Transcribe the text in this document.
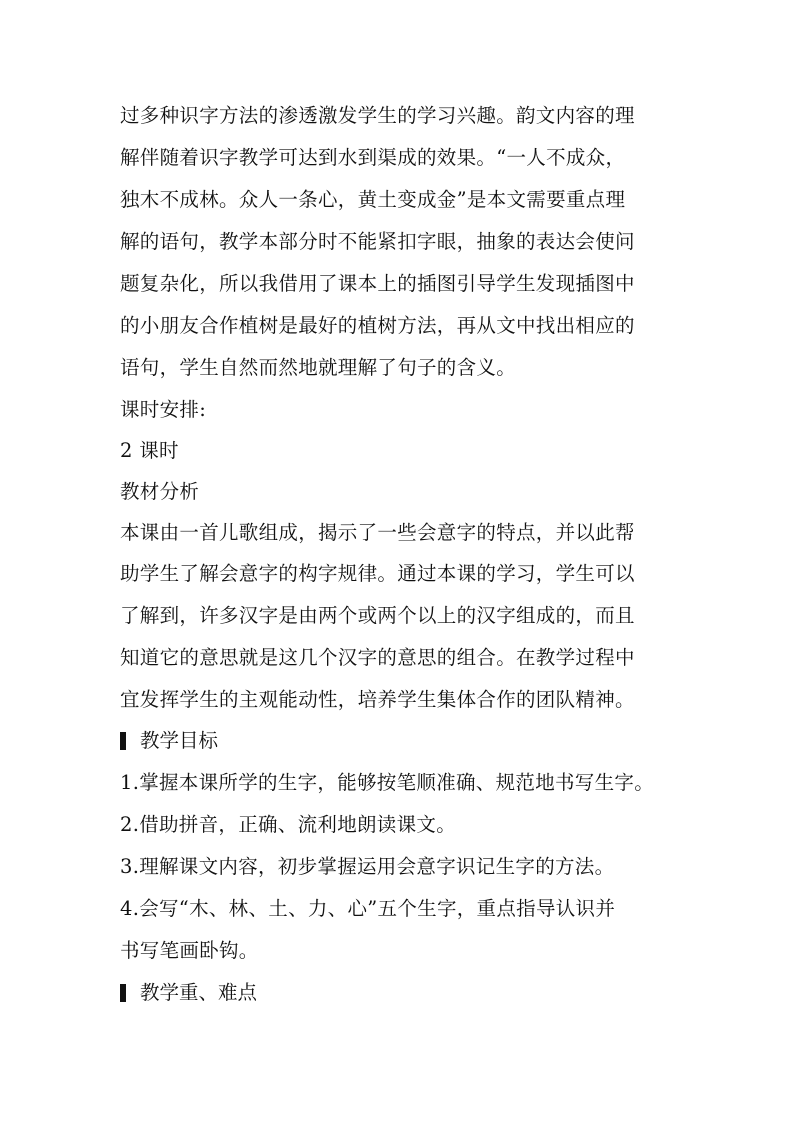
过多种识字方法的渗透激发学生的学习兴趣。韵文内容的理
解伴随着识字教学可达到水到渠成的效果。“一人不成众，
独木不成林。众人一条心，黄土变成金”是本文需要重点理
解的语句，教学本部分时不能紧扣字眼，抽象的表达会使问
题复杂化，所以我借用了课本上的插图引导学生发现插图中
的小朋友合作植树是最好的植树方法，再从文中找出相应的
语句，学生自然而然地就理解了句子的含义。
课时安排:
2 课时
教材分析
本课由一首儿歌组成，揭示了一些会意字的特点，并以此帮
助学生了解会意字的构字规律。通过本课的学习，学生可以
了解到，许多汉字是由两个或两个以上的汉字组成的，而且
知道它的意思就是这几个汉字的意思的组合。在教学过程中
宜发挥学生的主观能动性，培养学生集体合作的团队精神。
教学目标
1.掌握本课所学的生字，能够按笔顺准确、规范地书写生字。
2.借助拼音，正确、流利地朗读课文。
3.理解课文内容，初步掌握运用会意字识记生字的方法。
4.会写“木、林、土、力、心”五个生字，重点指导认识并
书写笔画卧钩。
教学重、难点
